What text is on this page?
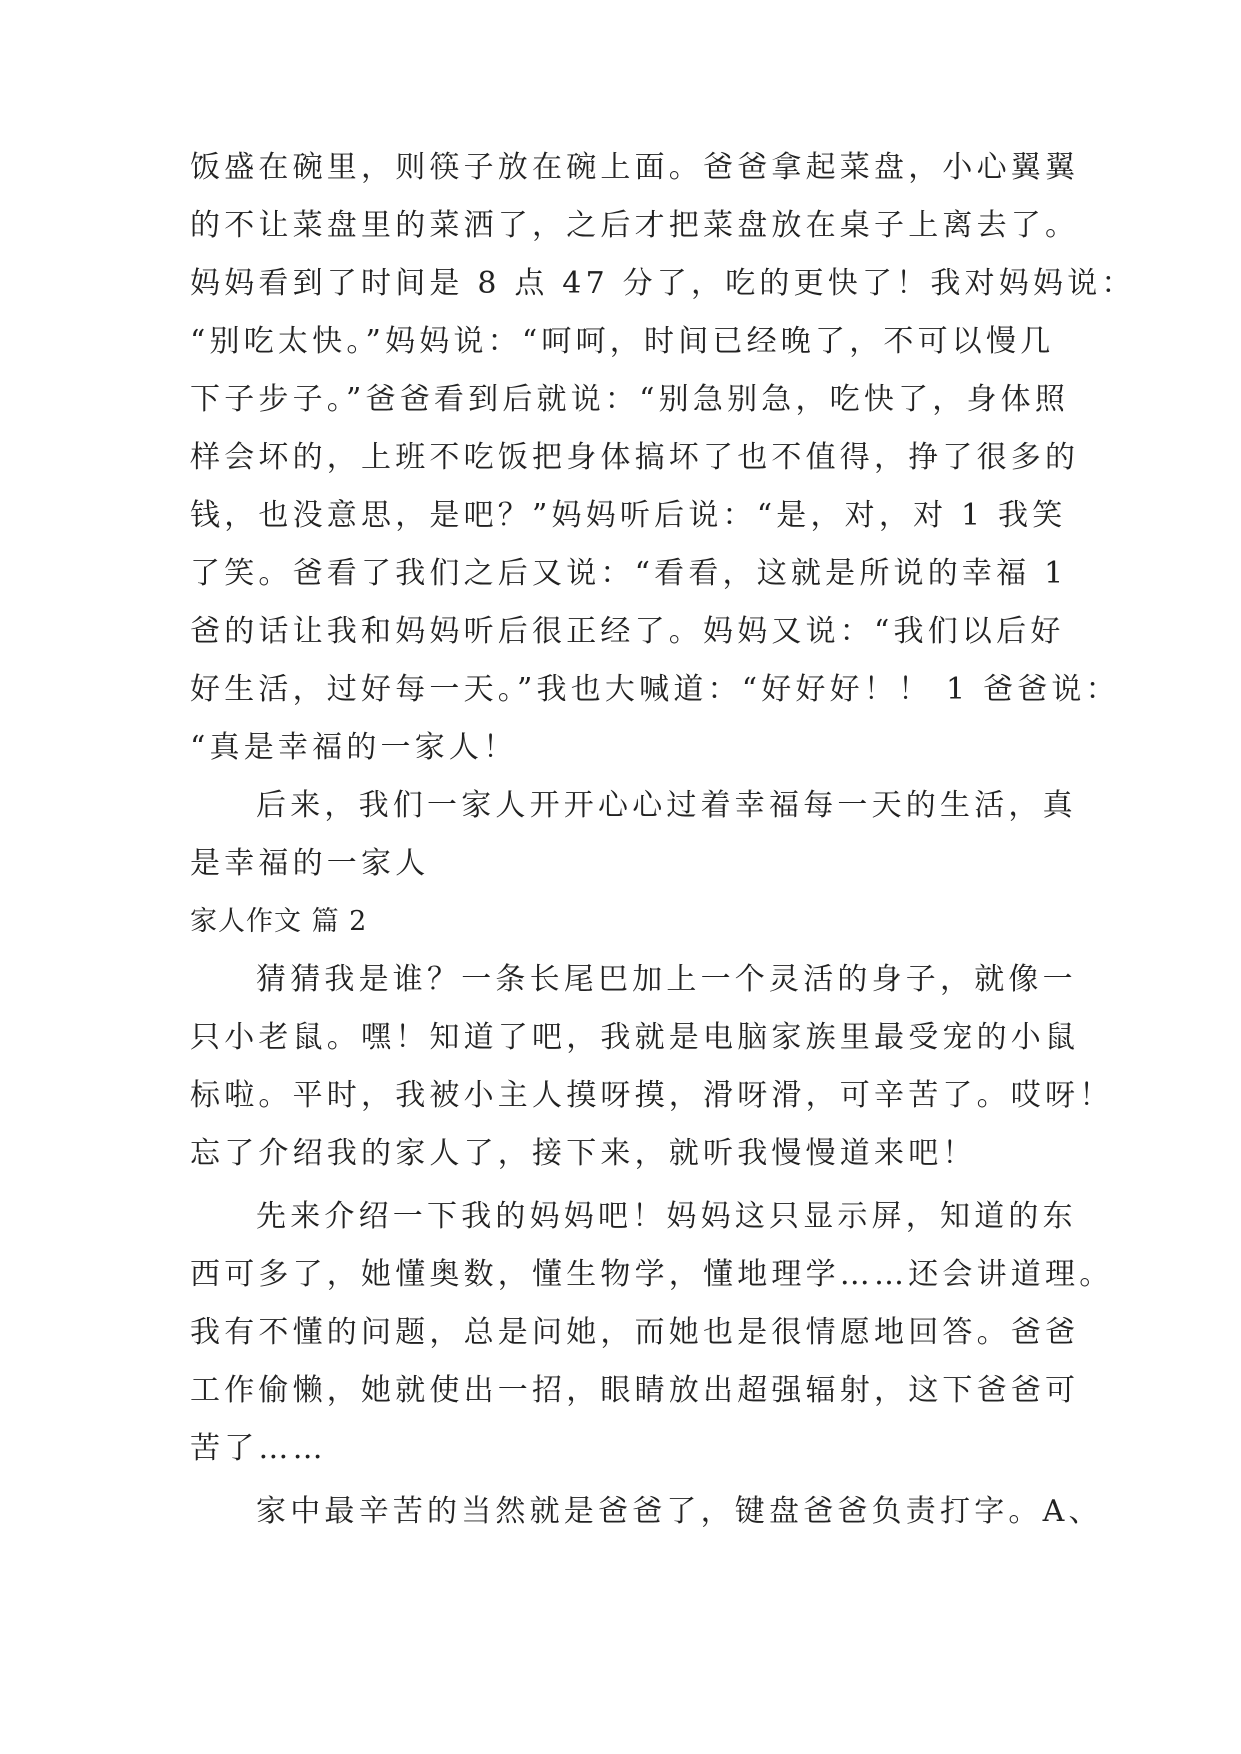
饭盛在碗里，则筷子放在碗上面。爸爸拿起菜盘，小心翼翼
的不让菜盘里的菜洒了，之后才把菜盘放在桌子上离去了。
妈妈看到了时间是 8 点 47 分了，吃的更快了！我对妈妈说：
“别吃太快。”妈妈说：“呵呵，时间已经晚了，不可以慢几
下子步子。”爸爸看到后就说：“别急别急，吃快了，身体照
样会坏的，上班不吃饭把身体搞坏了也不值得，挣了很多的
钱，也没意思，是吧？”妈妈听后说：“是，对，对 1 我笑
了笑。爸看了我们之后又说：“看看，这就是所说的幸福 1
爸的话让我和妈妈听后很正经了。妈妈又说：“我们以后好
好生活，过好每一天。”我也大喊道：“好好好！！ 1 爸爸说：
“真是幸福的一家人！
后来，我们一家人开开心心过着幸福每一天的生活，真
是幸福的一家人
家人作文 篇 2
猜猜我是谁？一条长尾巴加上一个灵活的身子，就像一
只小老鼠。嘿！知道了吧，我就是电脑家族里最受宠的小鼠
标啦。平时，我被小主人摸呀摸，滑呀滑，可辛苦了。哎呀！
忘了介绍我的家人了，接下来，就听我慢慢道来吧！
先来介绍一下我的妈妈吧！妈妈这只显示屏，知道的东
西可多了，她懂奥数，懂生物学，懂地理学……还会讲道理。
我有不懂的问题，总是问她，而她也是很情愿地回答。爸爸
工作偷懒，她就使出一招，眼睛放出超强辐射，这下爸爸可
苦了……
家中最辛苦的当然就是爸爸了，键盘爸爸负责打字。A、
